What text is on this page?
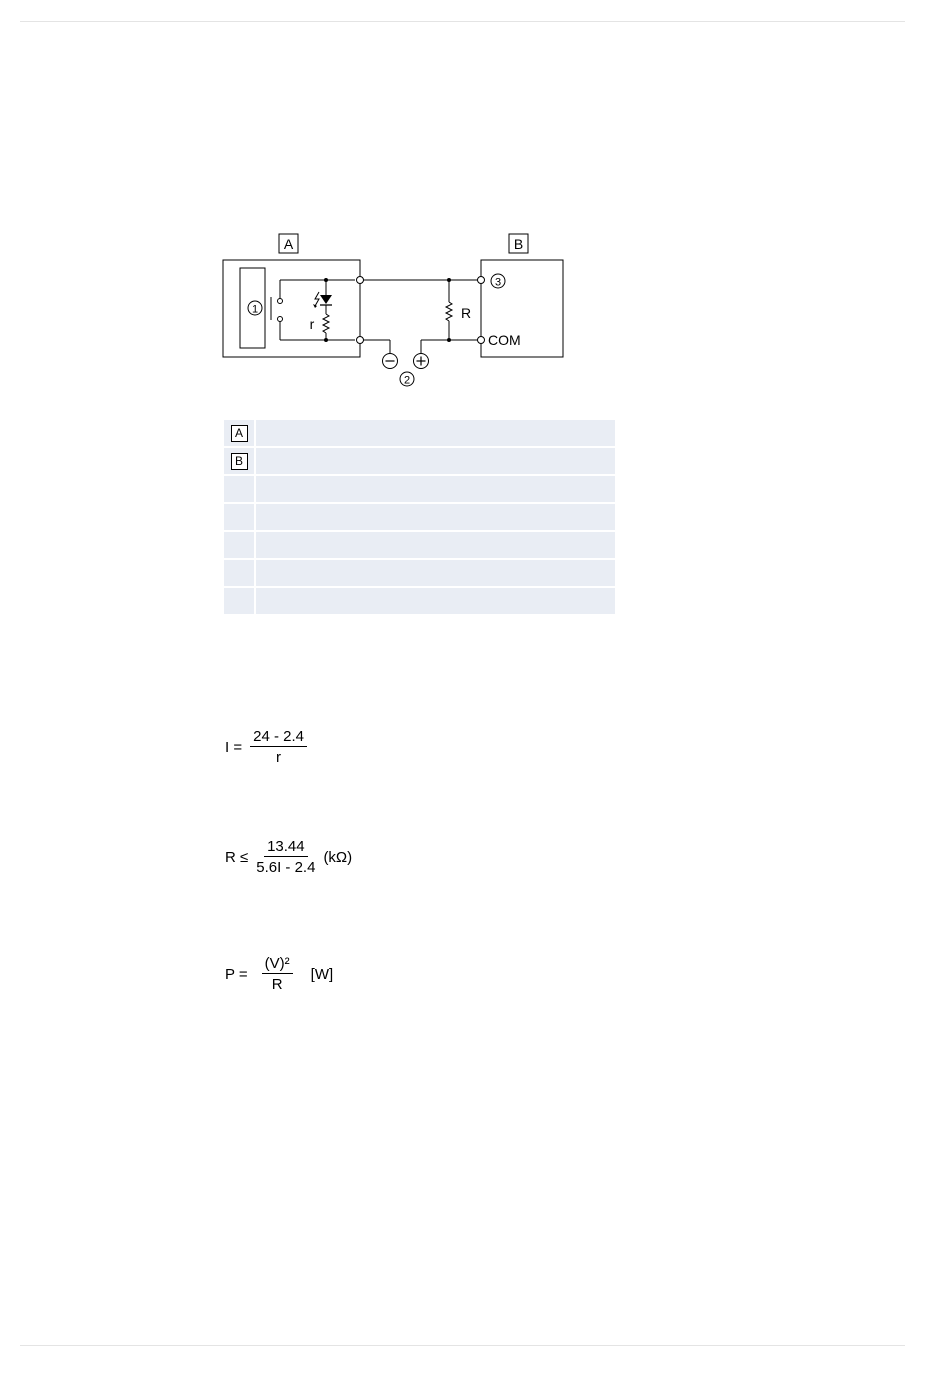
A	B
1
r
R
3
COM
2
A
B
$I = \frac{24 - 2.4}{r}$
$R \le \frac{13.44}{5.6I - 2.4} (k\Omega)$
$P = \frac{\text{(V)²}}{R} [W]$
